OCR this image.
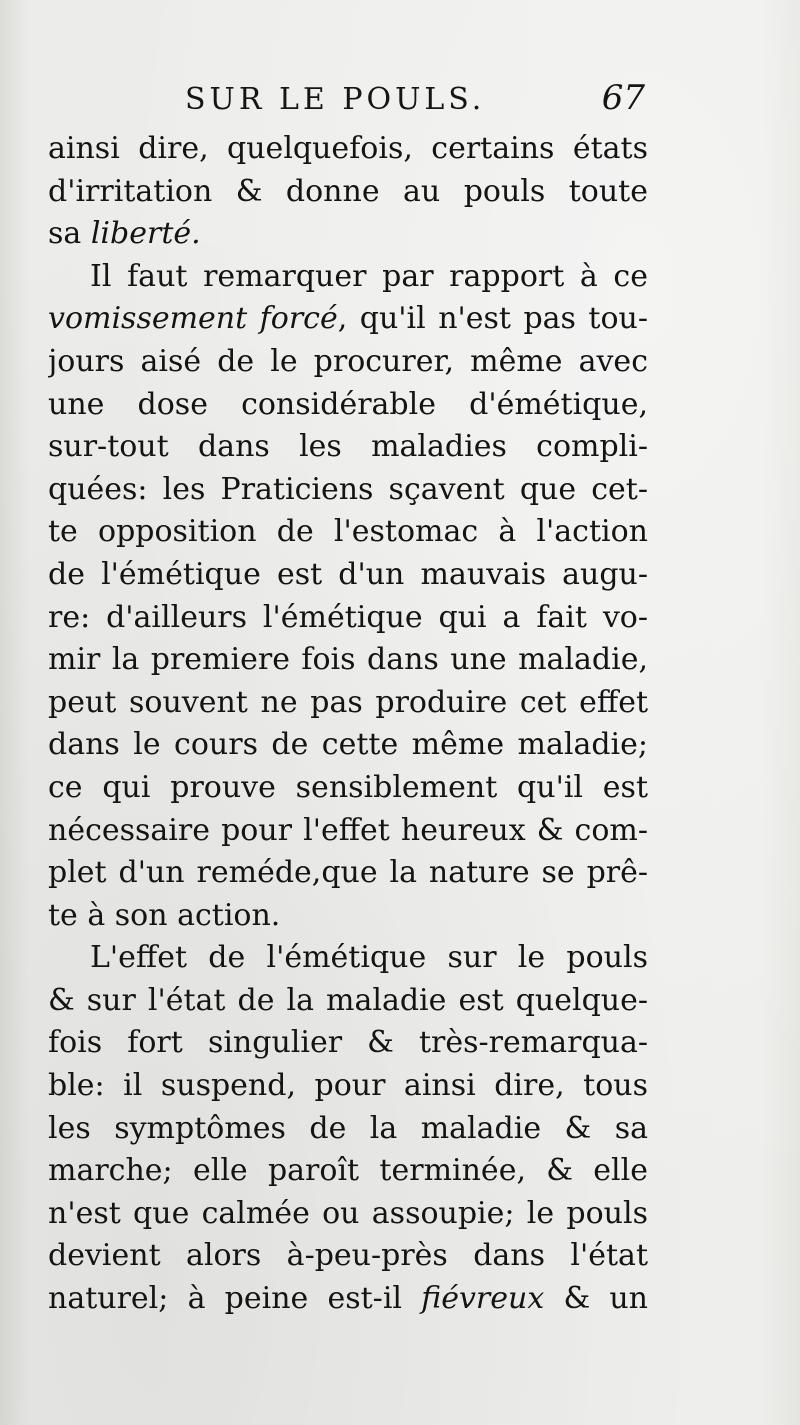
SUR LE POULS.	67
ainsi dire, quelquefois, certains états
d'irritation & donne au pouls toute
sa liberté.
Il faut remarquer par rapport à ce
vomissement forcé, qu'il n'est pas tou-
jours aisé de le procurer, même avec
une dose considérable d'émétique,
sur-tout dans les maladies compli-
quées: les Praticiens sçavent que cet-
te opposition de l'estomac à l'action
de l'émétique est d'un mauvais augu-
re: d'ailleurs l'émétique qui a fait vo-
mir la premiere fois dans une maladie,
peut souvent ne pas produire cet effet
dans le cours de cette même maladie;
ce qui prouve sensiblement qu'il est
nécessaire pour l'effet heureux & com-
plet d'un reméde,que la nature se prê-
te à son action.
L'effet de l'émétique sur le pouls
& sur l'état de la maladie est quelque-
fois fort singulier & très-remarqua-
ble: il suspend, pour ainsi dire, tous
les symptômes de la maladie & sa
marche; elle paroît terminée, & elle
n'est que calmée ou assoupie; le pouls
devient alors à-peu-près dans l'état
naturel; à peine est-il fiévreux & un
